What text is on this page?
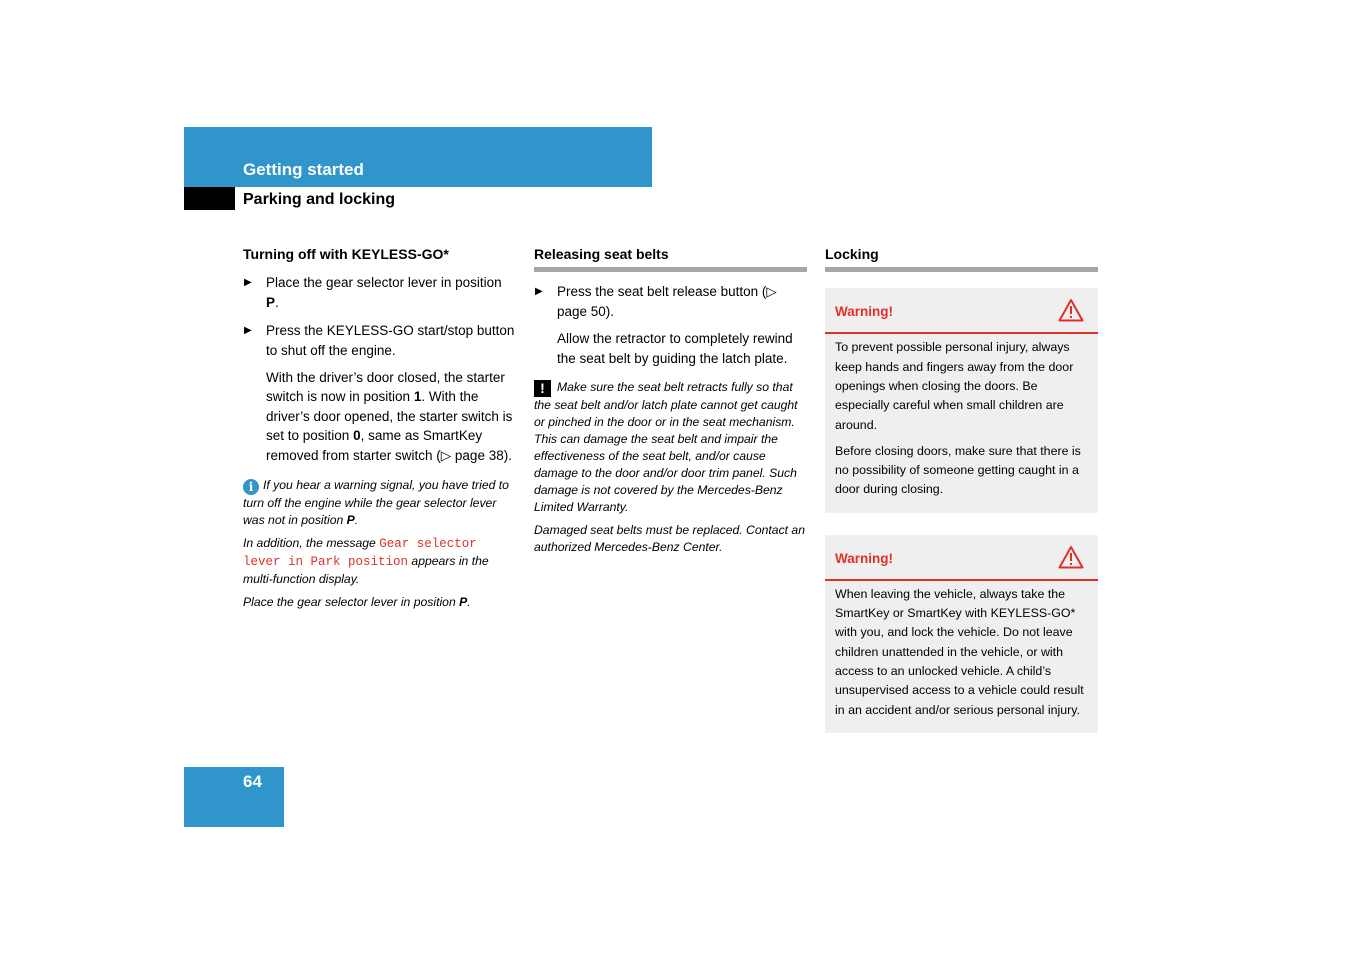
Getting started
Parking and locking

Turning off with KEYLESS-GO*

▶ Place the gear selector lever in position P.
▶ Press the KEYLESS-GO start/stop button to shut off the engine.

With the driver’s door closed, the starter switch is now in position 1. With the driver’s door opened, the starter switch is set to position 0, same as SmartKey removed from starter switch (▷ page 38).

i If you hear a warning signal, you have tried to turn off the engine while the gear selector lever was not in position P.

In addition, the message Gear selector lever in Park position appears in the multi-function display.

Place the gear selector lever in position P.

Releasing seat belts

▶ Press the seat belt release button (▷ page 50).

Allow the retractor to completely rewind the seat belt by guiding the latch plate.

! Make sure the seat belt retracts fully so that the seat belt and/or latch plate cannot get caught or pinched in the door or in the seat mechanism. This can damage the seat belt and impair the effectiveness of the seat belt, and/or cause damage to the door and/or door trim panel. Such damage is not covered by the Mercedes-Benz Limited Warranty.

Damaged seat belts must be replaced. Contact an authorized Mercedes-Benz Center.

Locking

Warning!

To prevent possible personal injury, always keep hands and fingers away from the door openings when closing the doors. Be especially careful when small children are around.

Before closing doors, make sure that there is no possibility of someone getting caught in a door during closing.

Warning!

When leaving the vehicle, always take the SmartKey or SmartKey with KEYLESS-GO* with you, and lock the vehicle. Do not leave children unattended in the vehicle, or with access to an unlocked vehicle. A child’s unsupervised access to a vehicle could result in an accident and/or serious personal injury.

64
